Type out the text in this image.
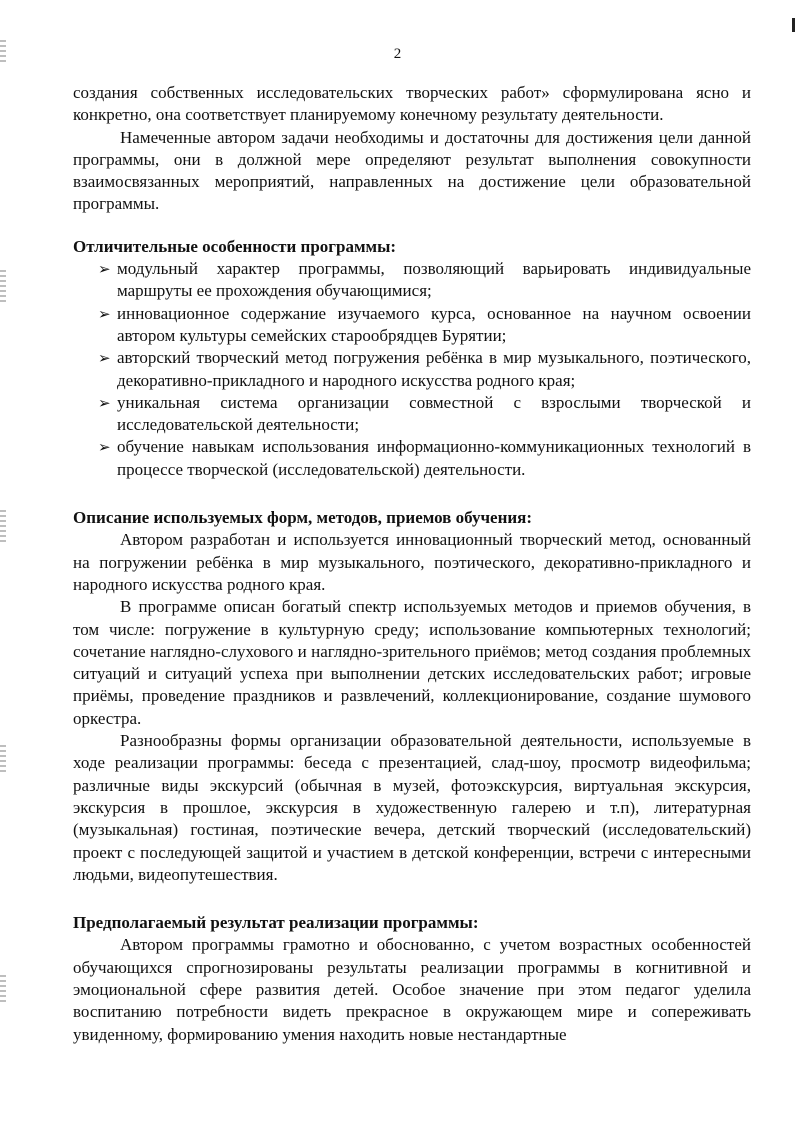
2

создания собственных исследовательских творческих работ» сформулирована ясно и конкретно, она соответствует планируемому конечному результату деятельности.

Намеченные автором задачи необходимы и достаточны для достижения цели данной программы, они в должной мере определяют результат выполнения совокупности взаимосвязанных мероприятий, направленных на достижение цели образовательной программы.

Отличительные особенности программы:

➢ модульный характер программы, позволяющий варьировать индивидуальные маршруты ее прохождения обучающимися;
➢ инновационное содержание изучаемого курса, основанное на научном освоении автором культуры семейских старообрядцев Бурятии;
➢ авторский творческий метод погружения ребёнка в мир музыкального, поэтического, декоративно-прикладного и народного искусства родного края;
➢ уникальная система организации совместной с взрослыми творческой и исследовательской деятельности;
➢ обучение навыкам использования информационно-коммуникационных технологий в процессе творческой (исследовательской) деятельности.

Описание используемых форм, методов, приемов обучения:

Автором разработан и используется инновационный творческий метод, основанный на погружении ребёнка в мир музыкального, поэтического, декоративно-прикладного и народного искусства родного края.

В программе описан богатый спектр используемых методов и приемов обучения, в том числе: погружение в культурную среду; использование компьютерных технологий; сочетание наглядно-слухового и наглядно-зрительного приёмов; метод создания проблемных ситуаций и ситуаций успеха при выполнении детских исследовательских работ; игровые приёмы, проведение праздников и развлечений, коллекционирование, создание шумового оркестра.

Разнообразны формы организации образовательной деятельности, используемые в ходе реализации программы: беседа с презентацией, слад-шоу, просмотр видеофильма; различные виды экскурсий (обычная в музей, фотоэкскурсия, виртуальная экскурсия, экскурсия в прошлое, экскурсия в художественную галерею и т.п), литературная (музыкальная) гостиная, поэтические вечера, детский творческий (исследовательский) проект с последующей защитой и участием в детской конференции, встречи с интересными людьми, видеопутешествия.

Предполагаемый результат реализации программы:

Автором программы грамотно и обоснованно, с учетом возрастных особенностей обучающихся спрогнозированы результаты реализации программы в когнитивной и эмоциональной сфере развития детей. Особое значение при этом педагог уделила воспитанию потребности видеть прекрасное в окружающем мире и сопереживать увиденному, формированию умения находить новые нестандартные
